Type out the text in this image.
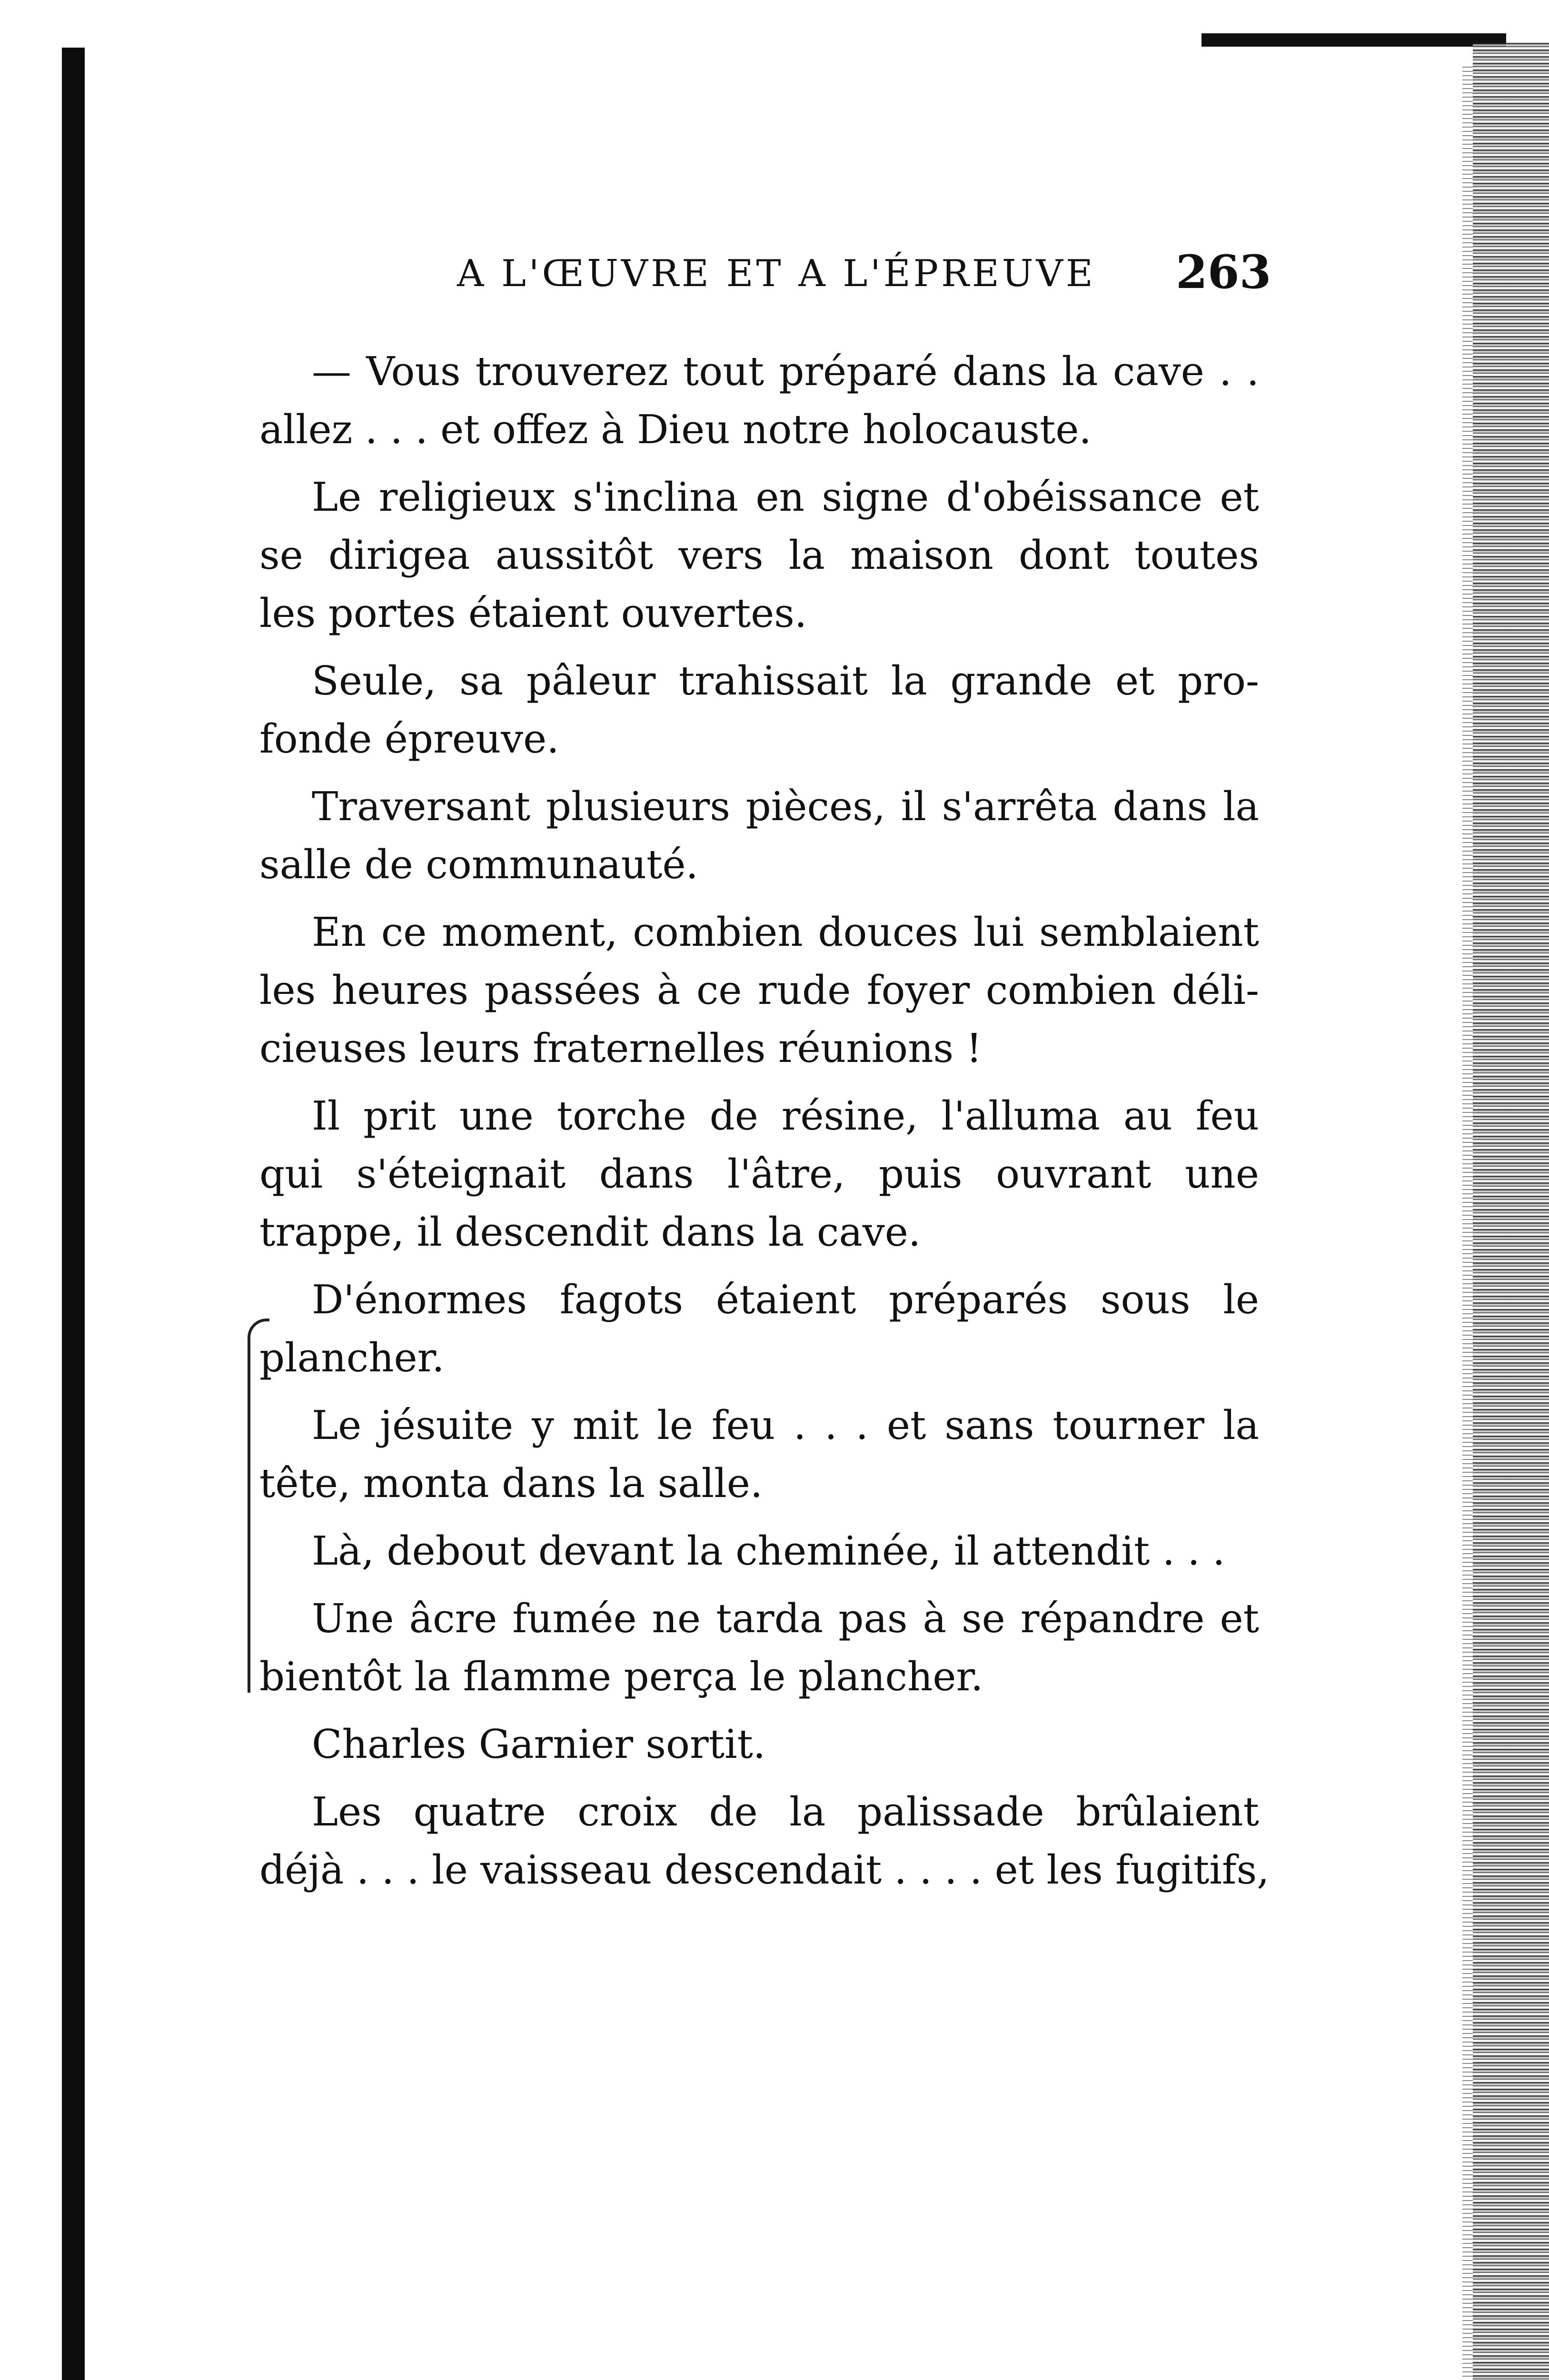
A L'ŒUVRE ET A L'ÉPREUVE 263

— Vous trouverez tout préparé dans la cave . .
allez . . . et offez à Dieu notre holocauste.

Le religieux s'inclina en signe d'obéissance et
se dirigea aussitôt vers la maison dont toutes
les portes étaient ouvertes.

Seule, sa pâleur trahissait la grande et pro-
fonde épreuve.

Traversant plusieurs pièces, il s'arrêta dans la
salle de communauté.

En ce moment, combien douces lui semblaient
les heures passées à ce rude foyer combien déli-
cieuses leurs fraternelles réunions !

Il prit une torche de résine, l'alluma au feu
qui s'éteignait dans l'âtre, puis ouvrant une
trappe, il descendit dans la cave.

D'énormes fagots étaient préparés sous le
plancher.

Le jésuite y mit le feu . . . et sans tourner la
tête, monta dans la salle.

Là, debout devant la cheminée, il attendit . . .

Une âcre fumée ne tarda pas à se répandre et
bientôt la flamme perça le plancher.

Charles Garnier sortit.

Les quatre croix de la palissade brûlaient
déjà . . . le vaisseau descendait . . . . et les fugitifs,
